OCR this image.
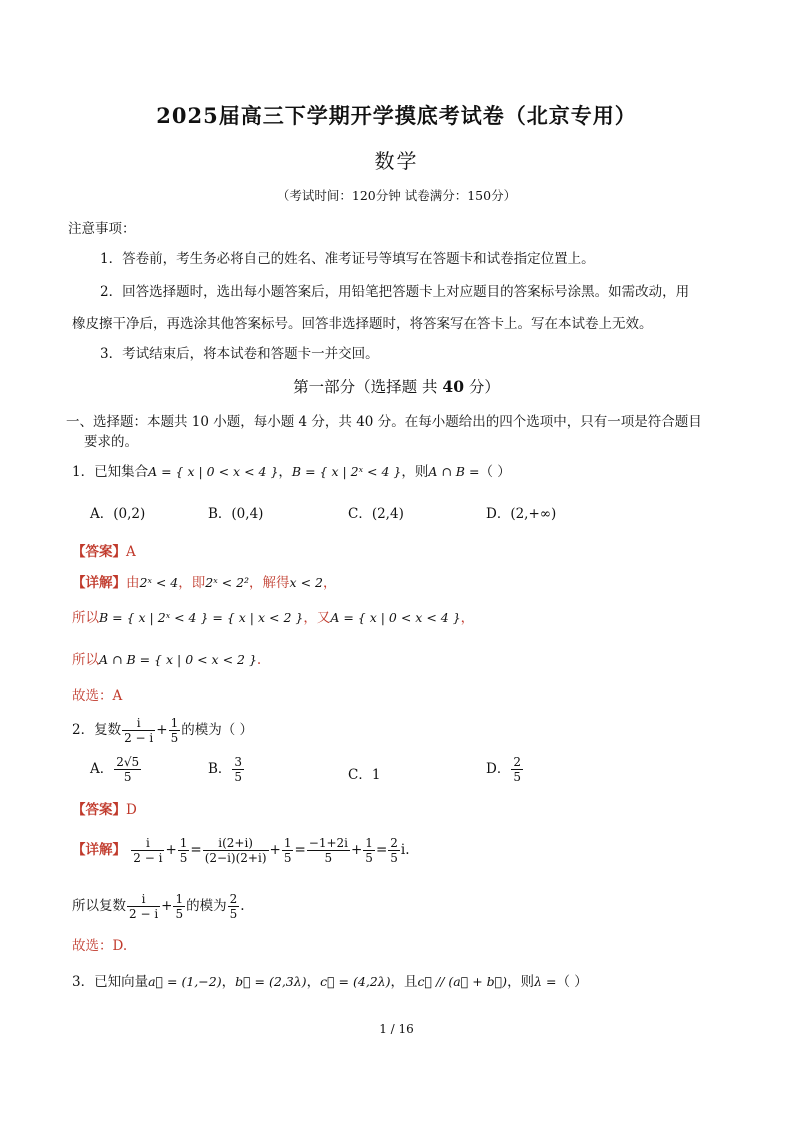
2025届高三下学期开学摸底考试卷（北京专用）
数学
（考试时间：120分钟 试卷满分：150分）
注意事项：
1．答卷前，考生务必将自己的姓名、准考证号等填写在答题卡和试卷指定位置上。
2．回答选择题时，选出每小题答案后，用铅笔把答题卡上对应题目的答案标号涂黑。如需改动，用
橡皮擦干净后，再选涂其他答案标号。回答非选择题时，将答案写在答卡上。写在本试卷上无效。
3．考试结束后，将本试卷和答题卡一并交回。
第一部分（选择题 共 40 分）
一、选择题：本题共 10 小题，每小题 4 分，共 40 分。在每小题给出的四个选项中，只有一项是符合题目
要求的。
1．已知集合A = { x | 0 < x < 4 }，B = { x | 2ˣ < 4 }，则A ∩ B =（ ）
A．(0,2)	B．(0,4)	C．(2,4)	D．(2,+∞)
【答案】A
【详解】由2ˣ < 4，即2ˣ < 2²，解得x < 2，
所以B = { x | 2ˣ < 4 } = { x | x < 2 }，又A = { x | 0 < x < 4 }，
所以A ∩ B = { x | 0 < x < 2 }.
故选：A
2．复数 $\frac{i}{2 - i} + \frac{1}{5}$ 的模为（ ）
A． $\frac{2√5}{5}$	B． $\frac{3}{5}$	C．1	D． $\frac{2}{5}$
【答案】D
【详解】 $\frac{i}{2 - i} + \frac{1}{5} = \frac{i(2+i)}{(2-i)(2+i)} + \frac{1}{5} = \frac{-1+2i}{5} + \frac{1}{5} = \frac{2}{5} i$.
所以复数 $\frac{i}{2 - i} + \frac{1}{5}$ 的模为 $\frac{2}{5}$ .
故选：D.
3．已知向量a⃗ = (1,−2)，b⃗ = (2,3λ)，c⃗ = (4,2λ)，且c⃗ // (a⃗ + b⃗)，则λ =（ ）
1 / 16
